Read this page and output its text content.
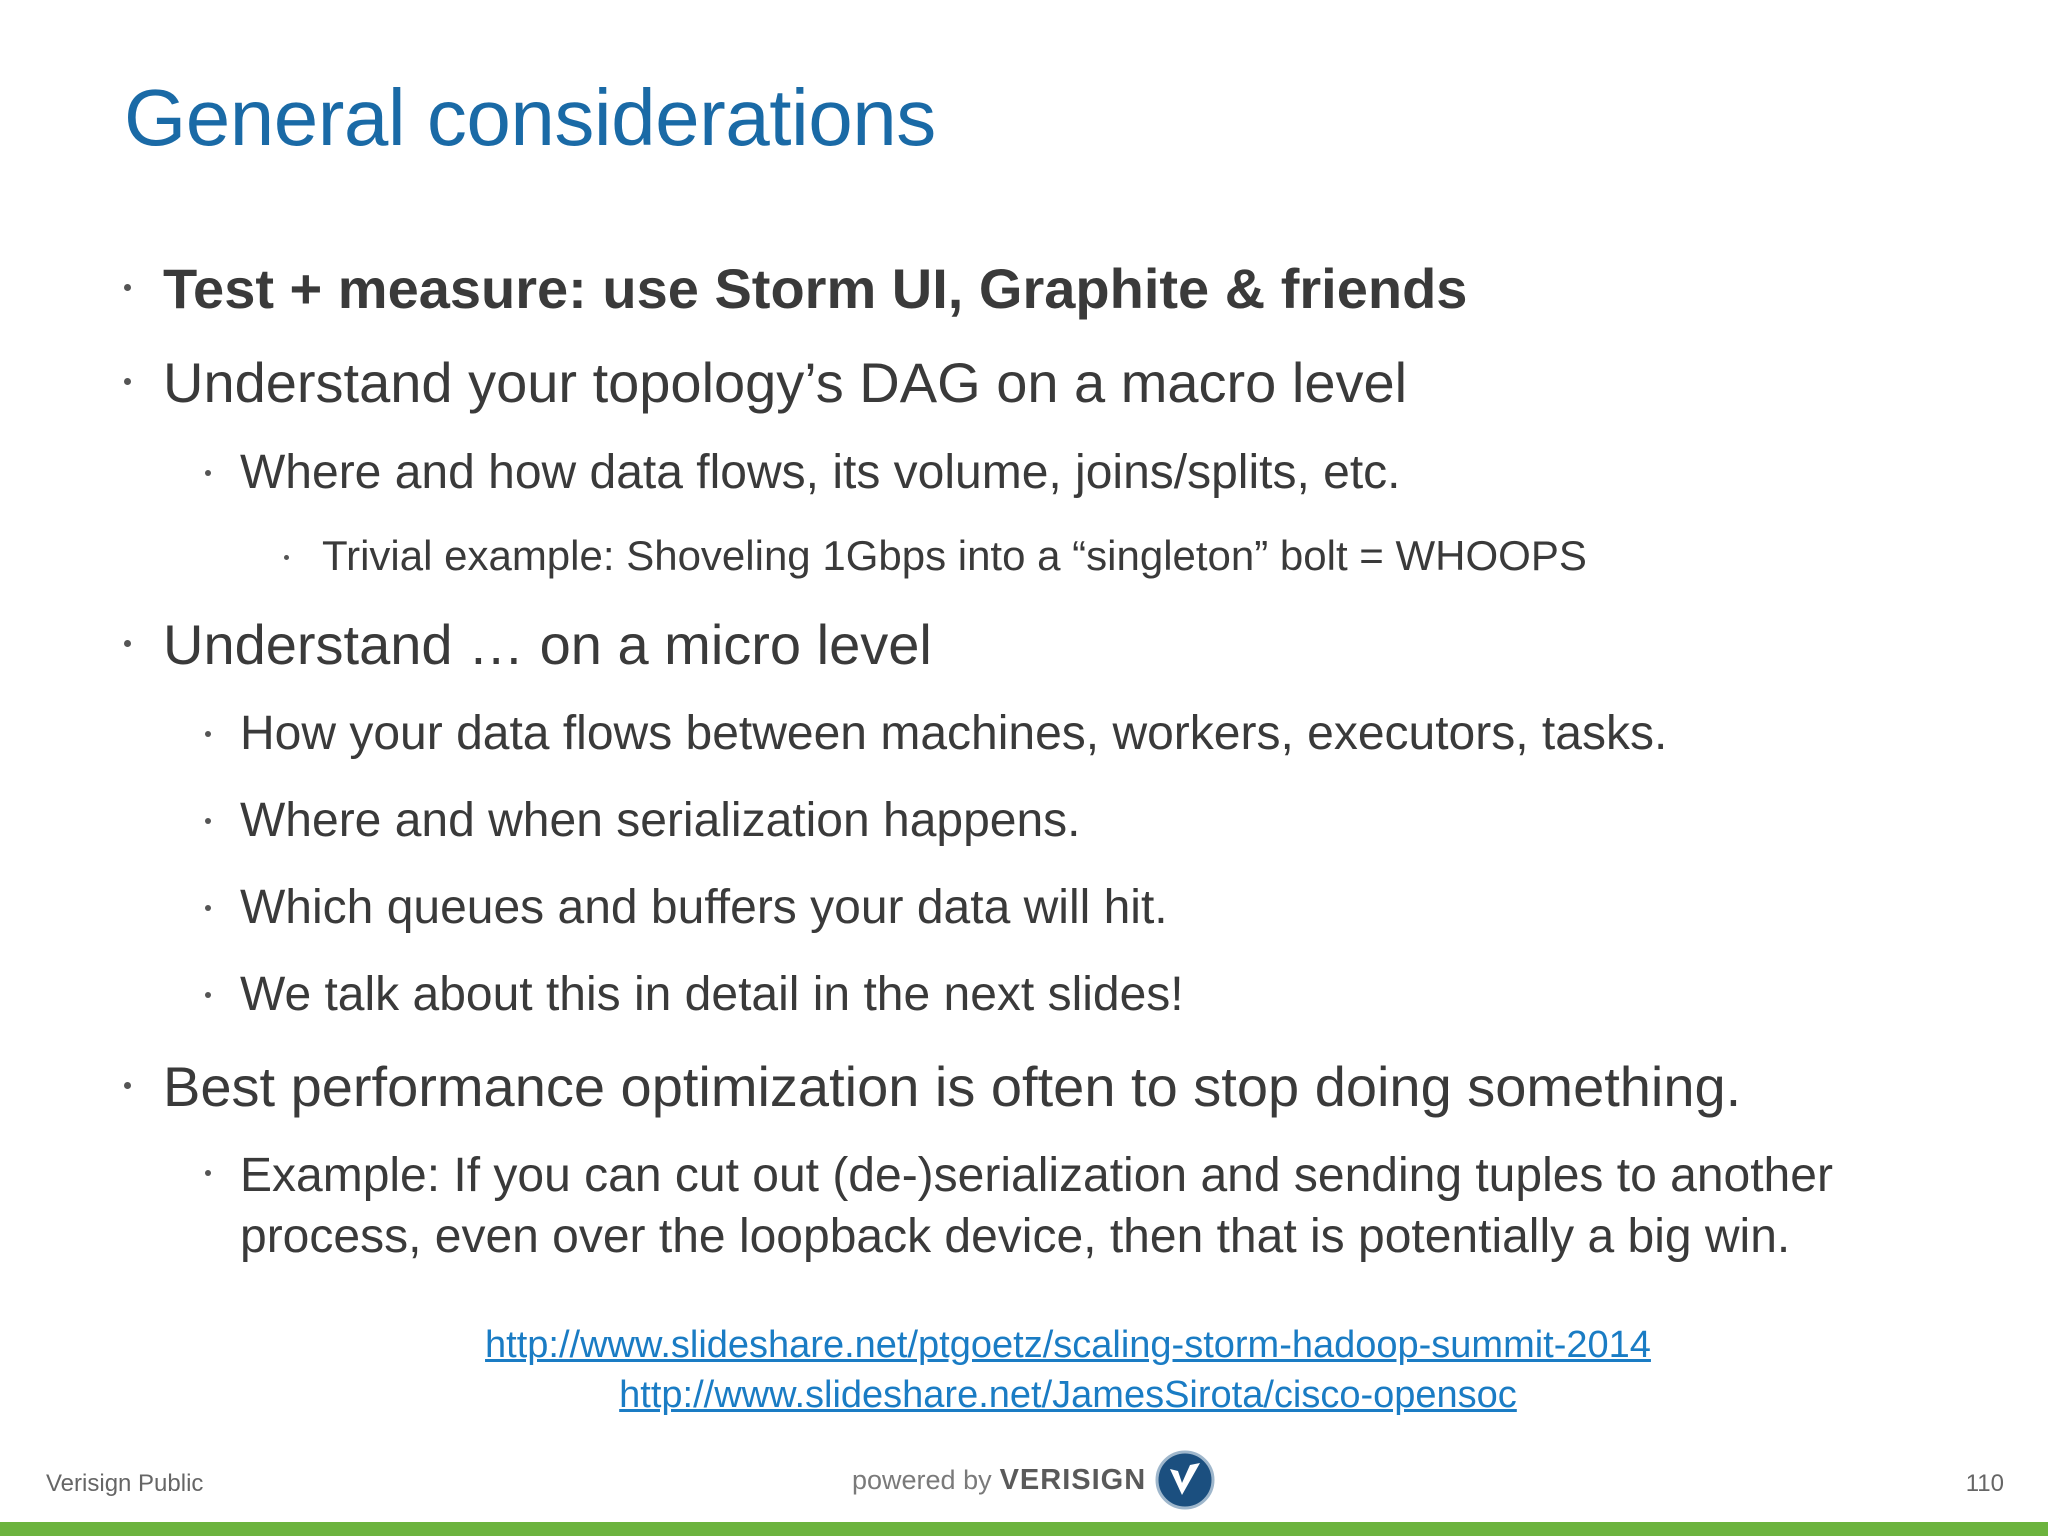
General considerations
Test + measure: use Storm UI, Graphite & friends
Understand your topology’s DAG on a macro level
Where and how data flows, its volume, joins/splits, etc.
Trivial example: Shoveling 1Gbps into a “singleton” bolt = WHOOPS
Understand … on a micro level
How your data flows between machines, workers, executors, tasks.
Where and when serialization happens.
Which queues and buffers your data will hit.
We talk about this in detail in the next slides!
Best performance optimization is often to stop doing something.
Example: If you can cut out (de-)serialization and sending tuples to another process, even over the loopback device, then that is potentially a big win.
http://www.slideshare.net/ptgoetz/scaling-storm-hadoop-summit-2014
http://www.slideshare.net/JamesSirota/cisco-opensoc
Verisign Public	powered by VERISIGN	110
